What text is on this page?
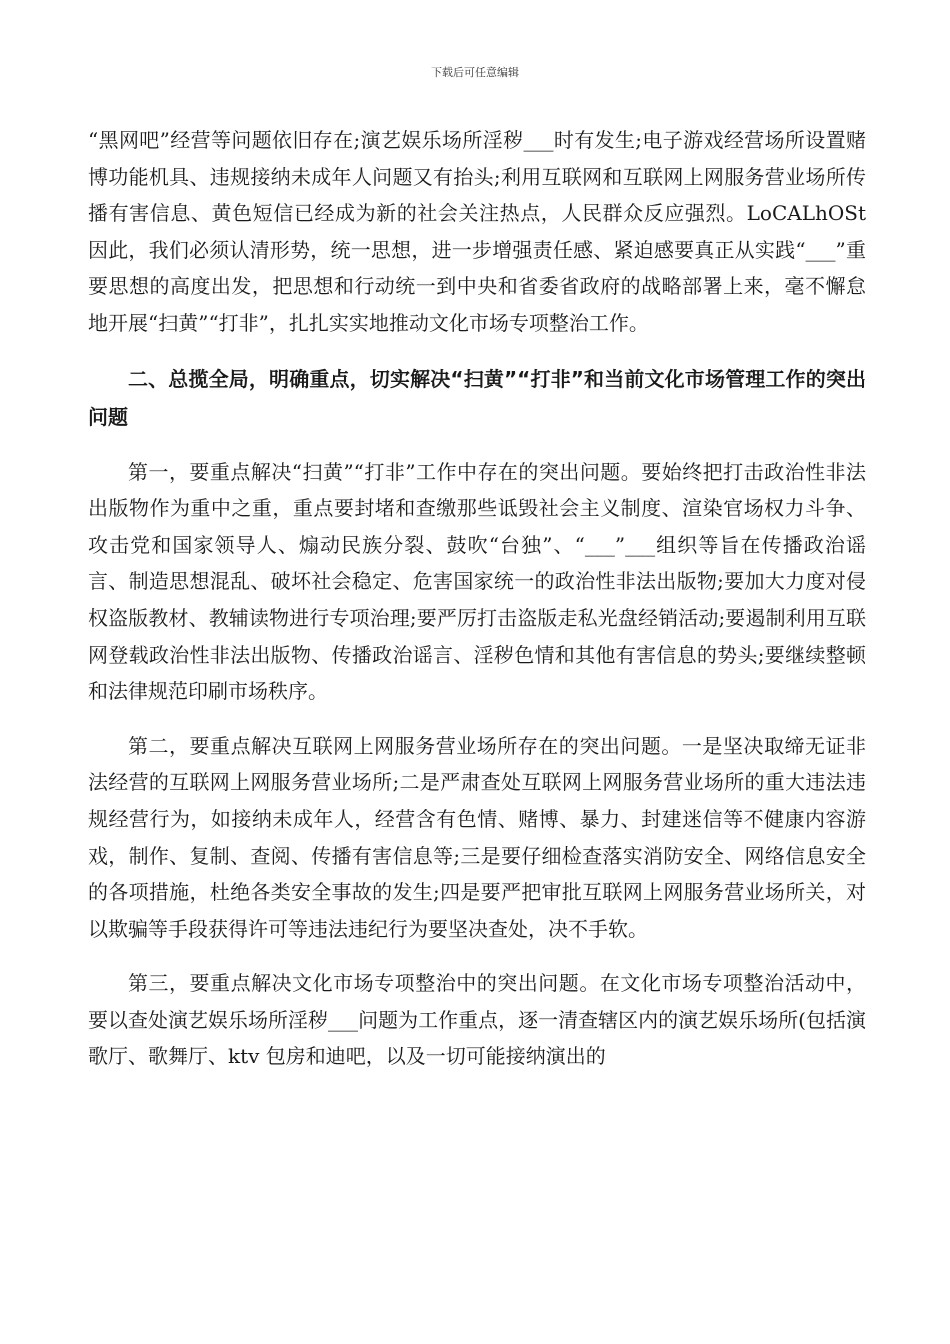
下载后可任意编辑

“黑网吧”经营等问题依旧存在;演艺娱乐场所淫秽___时有发生;电子游戏经营场所设置赌博功能机具、违规接纳未成年人问题又有抬头;利用互联网和互联网上网服务营业场所传播有害信息、黄色短信已经成为新的社会关注热点，人民群众反应强烈。LoCALhOSt 因此，我们必须认清形势，统一思想，进一步增强责任感、紧迫感要真正从实践“___”重要思想的高度出发，把思想和行动统一到中央和省委省政府的战略部署上来，毫不懈怠地开展“扫黄”“打非”，扎扎实实地推动文化市场专项整治工作。

二、总揽全局，明确重点，切实解决“扫黄”“打非”和当前文化市场管理工作的突出问题

第一，要重点解决“扫黄”“打非”工作中存在的突出问题。要始终把打击政治性非法出版物作为重中之重，重点要封堵和查缴那些诋毁社会主义制度、渲染官场权力斗争、攻击党和国家领导人、煽动民族分裂、鼓吹“台独”、“___”___组织等旨在传播政治谣言、制造思想混乱、破坏社会稳定、危害国家统一的政治性非法出版物;要加大力度对侵权盗版教材、教辅读物进行专项治理;要严厉打击盗版走私光盘经销活动;要遏制利用互联网登载政治性非法出版物、传播政治谣言、淫秽色情和其他有害信息的势头;要继续整顿和法律规范印刷市场秩序。

第二，要重点解决互联网上网服务营业场所存在的突出问题。一是坚决取缔无证非法经营的互联网上网服务营业场所;二是严肃查处互联网上网服务营业场所的重大违法违规经营行为，如接纳未成年人，经营含有色情、赌博、暴力、封建迷信等不健康内容游戏，制作、复制、查阅、传播有害信息等;三是要仔细检查落实消防安全、网络信息安全的各项措施，杜绝各类安全事故的发生;四是要严把审批互联网上网服务营业场所关，对以欺骗等手段获得许可等违法违纪行为要坚决查处，决不手软。

第三，要重点解决文化市场专项整治中的突出问题。在文化市场专项整治活动中，要以查处演艺娱乐场所淫秽___问题为工作重点，逐一清查辖区内的演艺娱乐场所(包括演歌厅、歌舞厅、ktv 包房和迪吧，以及一切可能接纳演出的
